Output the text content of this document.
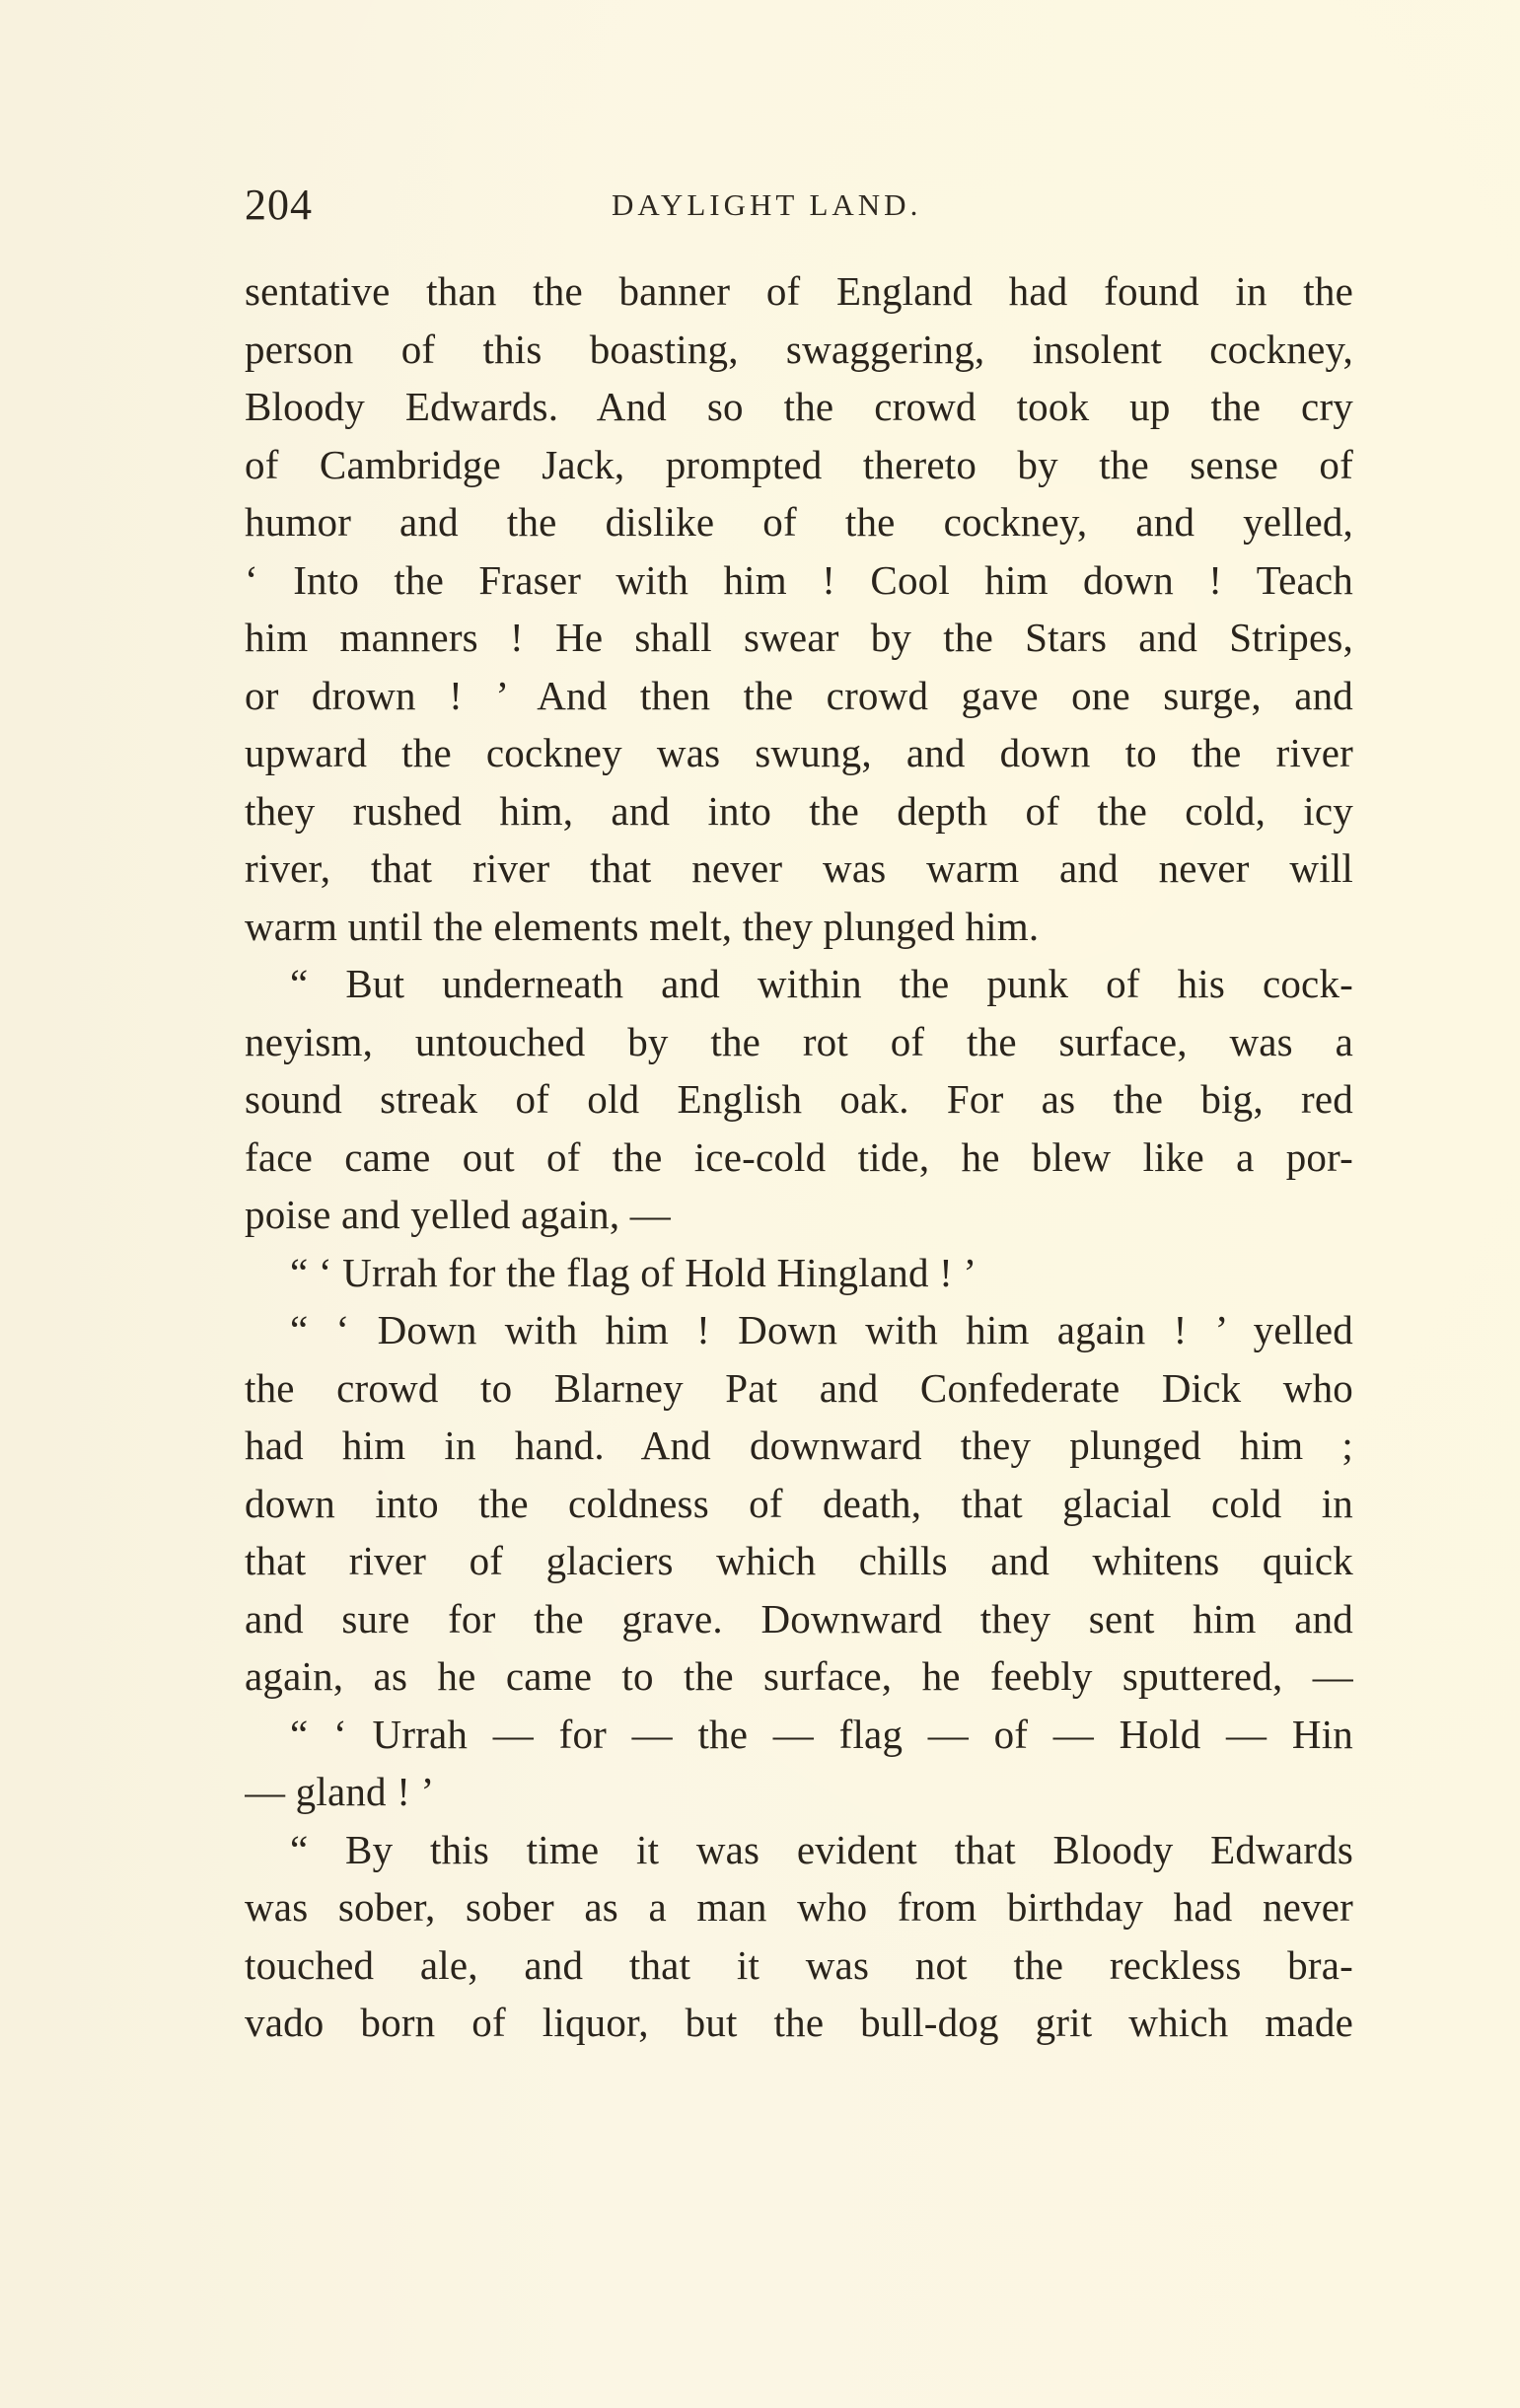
204	DAYLIGHT LAND.
sentative than the banner of England had found in the
person of this boasting, swaggering, insolent cockney,
Bloody Edwards. And so the crowd took up the cry
of Cambridge Jack, prompted thereto by the sense of
humor and the dislike of the cockney, and yelled,
‘ Into the Fraser with him ! Cool him down ! Teach
him manners ! He shall swear by the Stars and Stripes,
or drown ! ’ And then the crowd gave one surge, and
upward the cockney was swung, and down to the river
they rushed him, and into the depth of the cold, icy
river, that river that never was warm and never will
warm until the elements melt, they plunged him.
“ But underneath and within the punk of his cock-
neyism, untouched by the rot of the surface, was a
sound streak of old English oak. For as the big, red
face came out of the ice-cold tide, he blew like a por-
poise and yelled again, —
“ ‘ Urrah for the flag of Hold Hingland ! ’
“ ‘ Down with him ! Down with him again ! ’ yelled
the crowd to Blarney Pat and Confederate Dick who
had him in hand. And downward they plunged him ;
down into the coldness of death, that glacial cold in
that river of glaciers which chills and whitens quick
and sure for the grave. Downward they sent him and
again, as he came to the surface, he feebly sputtered, —
“ ‘ Urrah — for — the — flag — of — Hold — Hin
— gland ! ’
“ By this time it was evident that Bloody Edwards
was sober, sober as a man who from birthday had never
touched ale, and that it was not the reckless bra-
vado born of liquor, but the bull-dog grit which made
